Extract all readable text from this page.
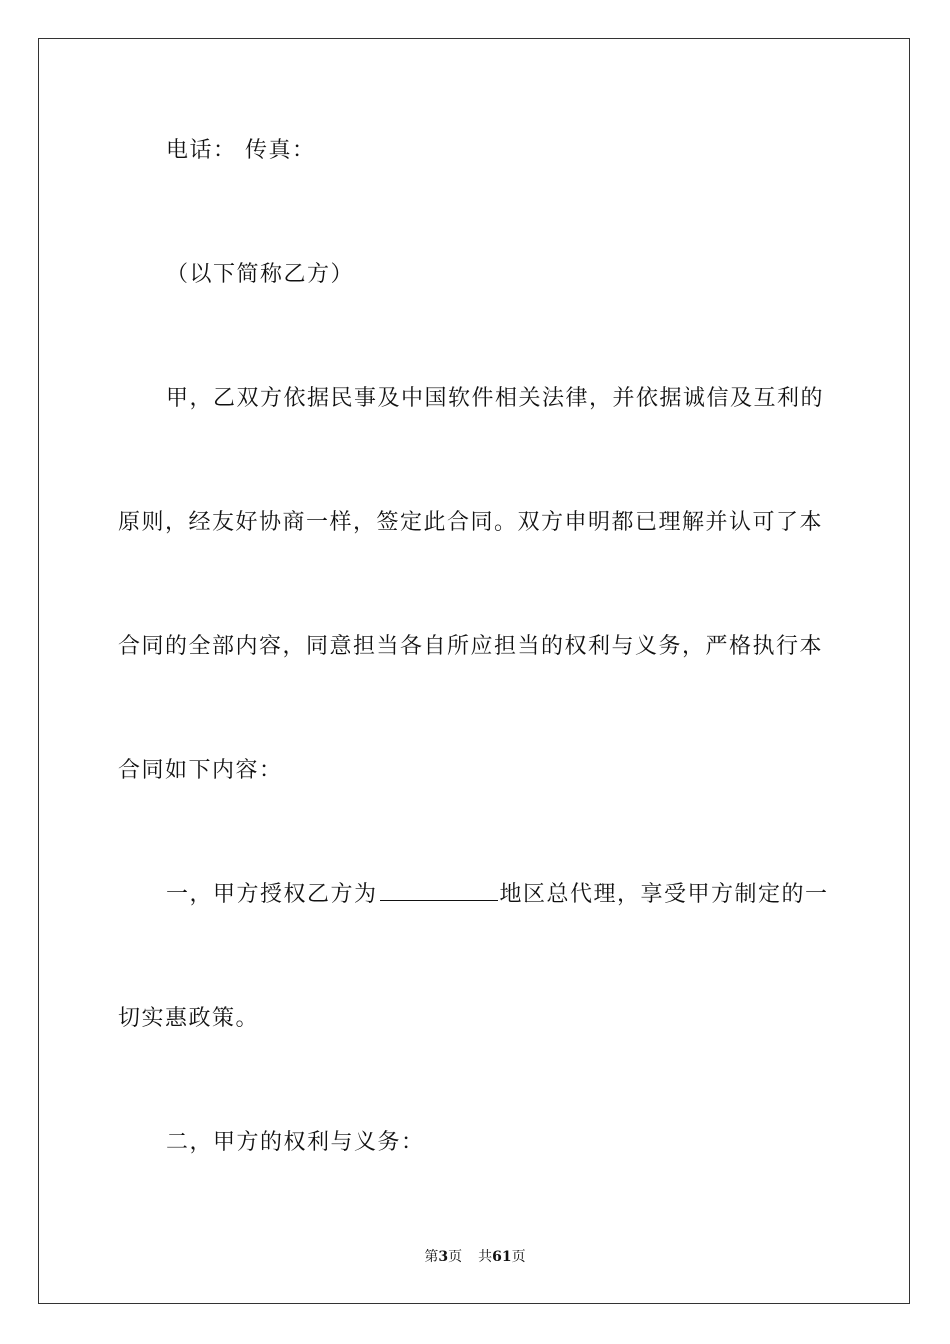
电话： 传真：
（以下简称乙方）
甲，乙双方依据民事及中国软件相关法律，并依据诚信及互利的
原则，经友好协商一样，签定此合同。双方申明都已理解并认可了本
合同的全部内容，同意担当各自所应担当的权利与义务，严格执行本
合同如下内容：
一，甲方授权乙方为	地区总代理，享受甲方制定的一
切实惠政策。
二，甲方的权利与义务：
第3页 共61页
